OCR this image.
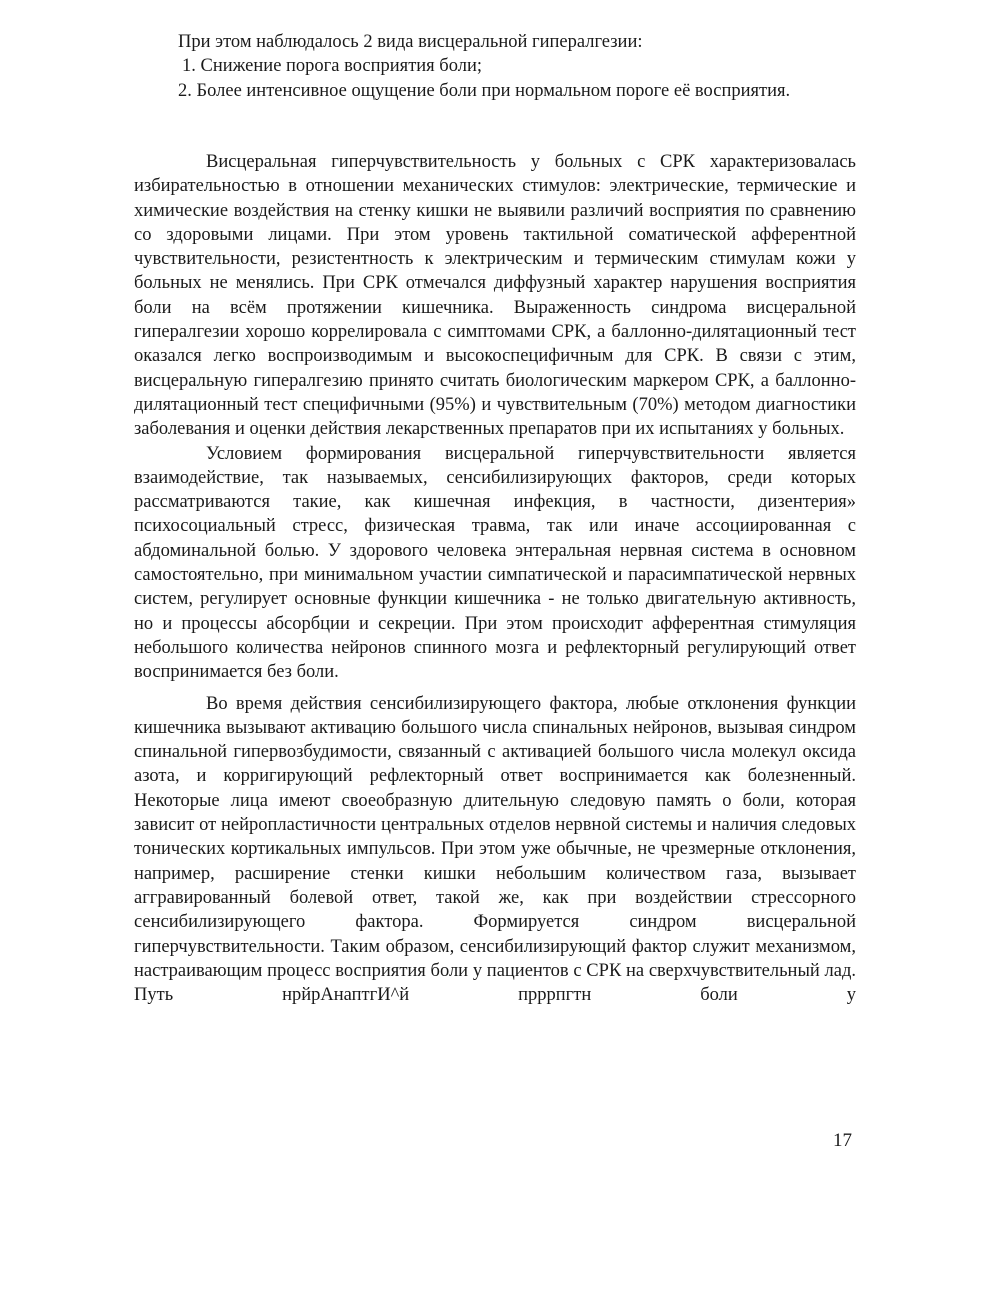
При этом наблюдалось 2 вида висцеральной гипералгезии:

1. Снижение порога восприятия боли;

2. Более интенсивное ощущение боли при нормальном пороге её восприятия.

Висцеральная гиперчувствительность у больных с СРК характеризовалась избирательностью в отношении механических стимулов: электрические, термические и химические воздействия на стенку кишки не выявили различий восприятия по сравнению со здоровыми лицами. При этом уровень тактильной соматической афферентной чувствительности, резистентность к электрическим и термическим стимулам кожи у больных не менялись. При СРК отмечался диффузный характер нарушения восприятия боли на всём протяжении кишечника. Выраженность синдрома висцеральной гипералгезии хорошо коррелировала с симптомами СРК, а баллонно-дилятационный тест оказался легко воспроизводимым и высокоспецифичным для СРК. В связи с этим, висцеральную гипералгезию принято считать биологическим маркером СРК, а баллонно-дилятационный тест специфичными (95%) и чувствительным (70%) методом диагностики заболевания и оценки действия лекарственных препаратов при их испытаниях у больных.

Условием формирования висцеральной гиперчувствительности является взаимодействие, так называемых, сенсибилизирующих факторов, среди которых рассматриваются такие, как кишечная инфекция, в частности, дизентерия» психосоциальный стресс, физическая травма, так или иначе ассоциированная с абдоминальной болью. У здорового человека энтеральная нервная система в основном самостоятельно, при минимальном участии симпатической и парасимпатической нервных систем, регулирует основные функции кишечника - не только двигательную активность, но и процессы абсорбции и секреции. При этом происходит афферентная стимуляция небольшого количества нейронов спинного мозга и рефлекторный регулирующий ответ воспринимается без боли.

Во время действия сенсибилизирующего фактора, любые отклонения функции кишечника вызывают активацию большого числа спинальных нейронов, вызывая синдром спинальной гипервозбудимости, связанный с активацией большого числа молекул оксида азота, и корригирующий рефлекторный ответ воспринимается как болезненный. Некоторые лица имеют своеобразную длительную следовую память о боли, которая зависит от нейропластичности центральных отделов нервной системы и наличия следовых тонических кортикальных импульсов. При этом уже обычные, не чрезмерные отклонения, например, расширение стенки кишки небольшим количеством газа, вызывает аггравированный болевой ответ, такой же, как при воздействии стрессорного сенсибилизирующего фактора. Формируется синдром висцеральной гиперчувствительности. Таким образом, сенсибилизирующий фактор служит механизмом, настраивающим процесс восприятия боли у пациентов с СРК на сверхчувствительный лад. Путь нрйрАнаптгИ^й прррпгтн боли у

17
